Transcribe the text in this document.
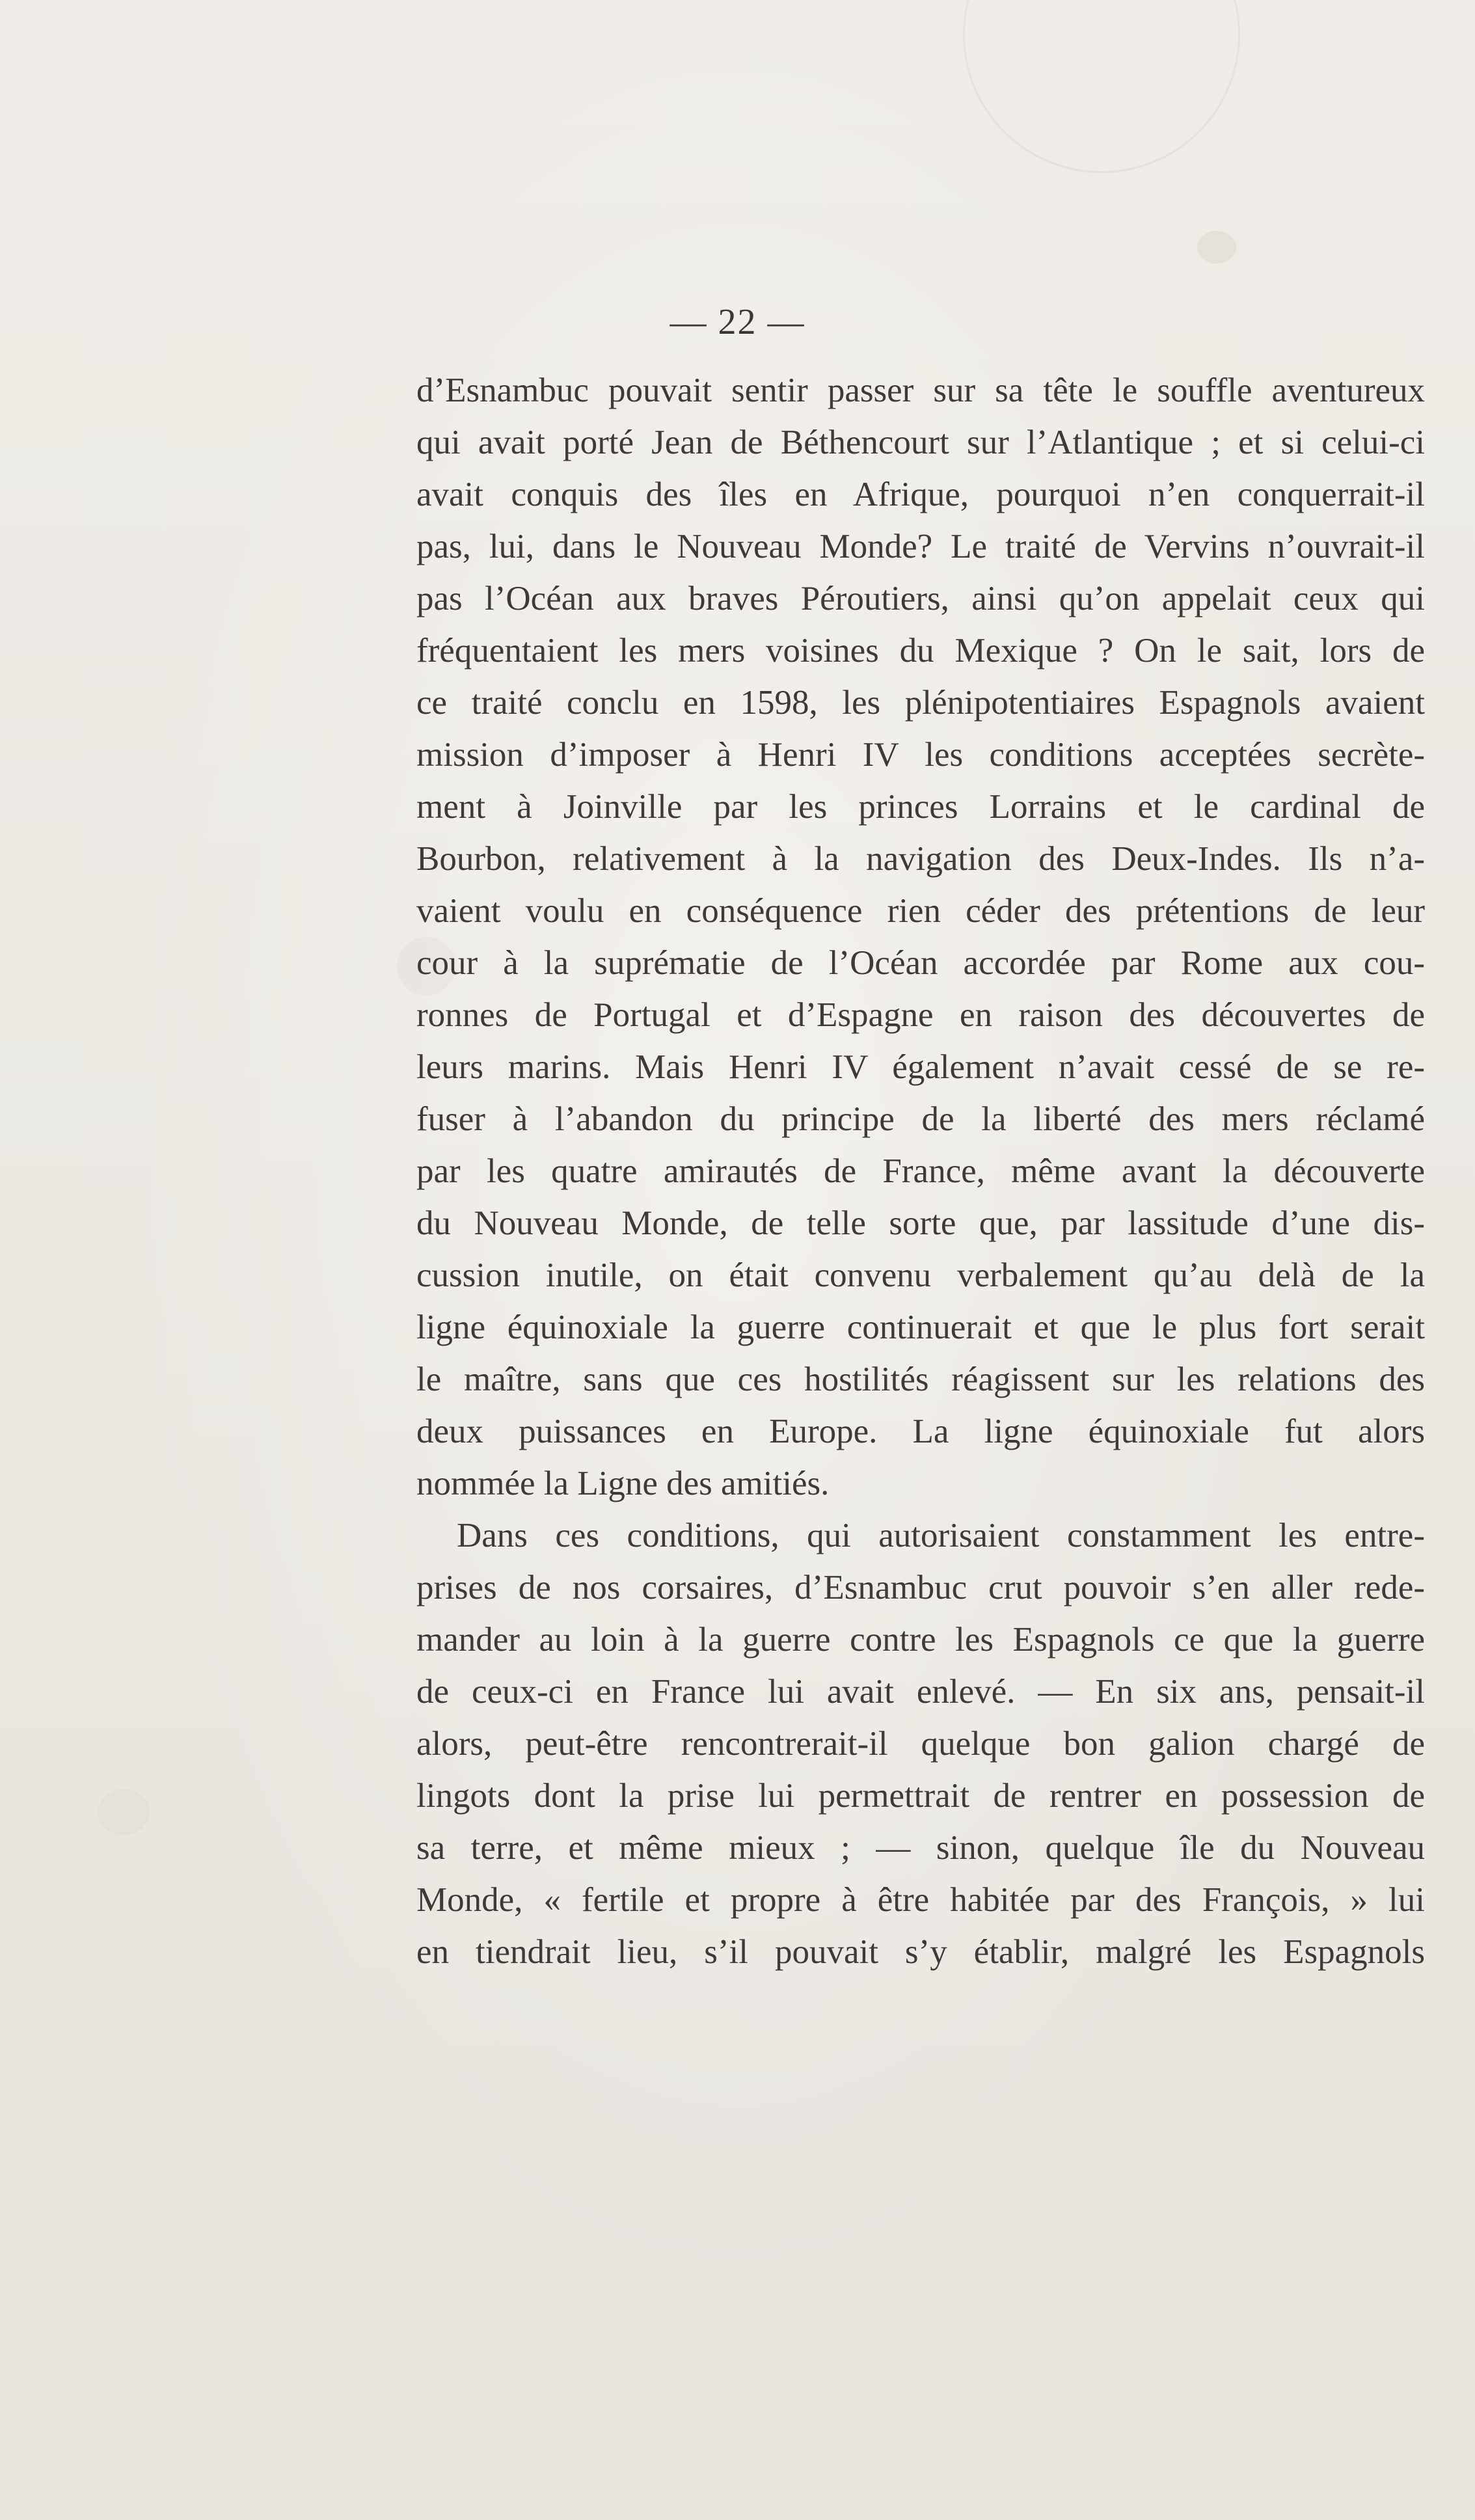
— 22 —
d’Esnambuc pouvait sentir passer sur sa tête le souffle aventureux
qui avait porté Jean de Béthencourt sur l’Atlantique ; et si celui-ci
avait conquis des îles en Afrique, pourquoi n’en conquerrait-il
pas, lui, dans le Nouveau Monde? Le traité de Vervins n’ouvrait-il
pas l’Océan aux braves Péroutiers, ainsi qu’on appelait ceux qui
fréquentaient les mers voisines du Mexique ? On le sait, lors de
ce traité conclu en 1598, les plénipotentiaires Espagnols avaient
mission d’imposer à Henri IV les conditions acceptées secrète-
ment à Joinville par les princes Lorrains et le cardinal de
Bourbon, relativement à la navigation des Deux-Indes. Ils n’a-
vaient voulu en conséquence rien céder des prétentions de leur
cour à la suprématie de l’Océan accordée par Rome aux cou-
ronnes de Portugal et d’Espagne en raison des découvertes de
leurs marins. Mais Henri IV également n’avait cessé de se re-
fuser à l’abandon du principe de la liberté des mers réclamé
par les quatre amirautés de France, même avant la découverte
du Nouveau Monde, de telle sorte que, par lassitude d’une dis-
cussion inutile, on était convenu verbalement qu’au delà de la
ligne équinoxiale la guerre continuerait et que le plus fort serait
le maître, sans que ces hostilités réagissent sur les relations des
deux puissances en Europe. La ligne équinoxiale fut alors
nommée la Ligne des amitiés.
Dans ces conditions, qui autorisaient constamment les entre-
prises de nos corsaires, d’Esnambuc crut pouvoir s’en aller rede-
mander au loin à la guerre contre les Espagnols ce que la guerre
de ceux-ci en France lui avait enlevé. — En six ans, pensait-il
alors, peut-être rencontrerait-il quelque bon galion chargé de
lingots dont la prise lui permettrait de rentrer en possession de
sa terre, et même mieux ; — sinon, quelque île du Nouveau
Monde, « fertile et propre à être habitée par des François, » lui
en tiendrait lieu, s’il pouvait s’y établir, malgré les Espagnols
